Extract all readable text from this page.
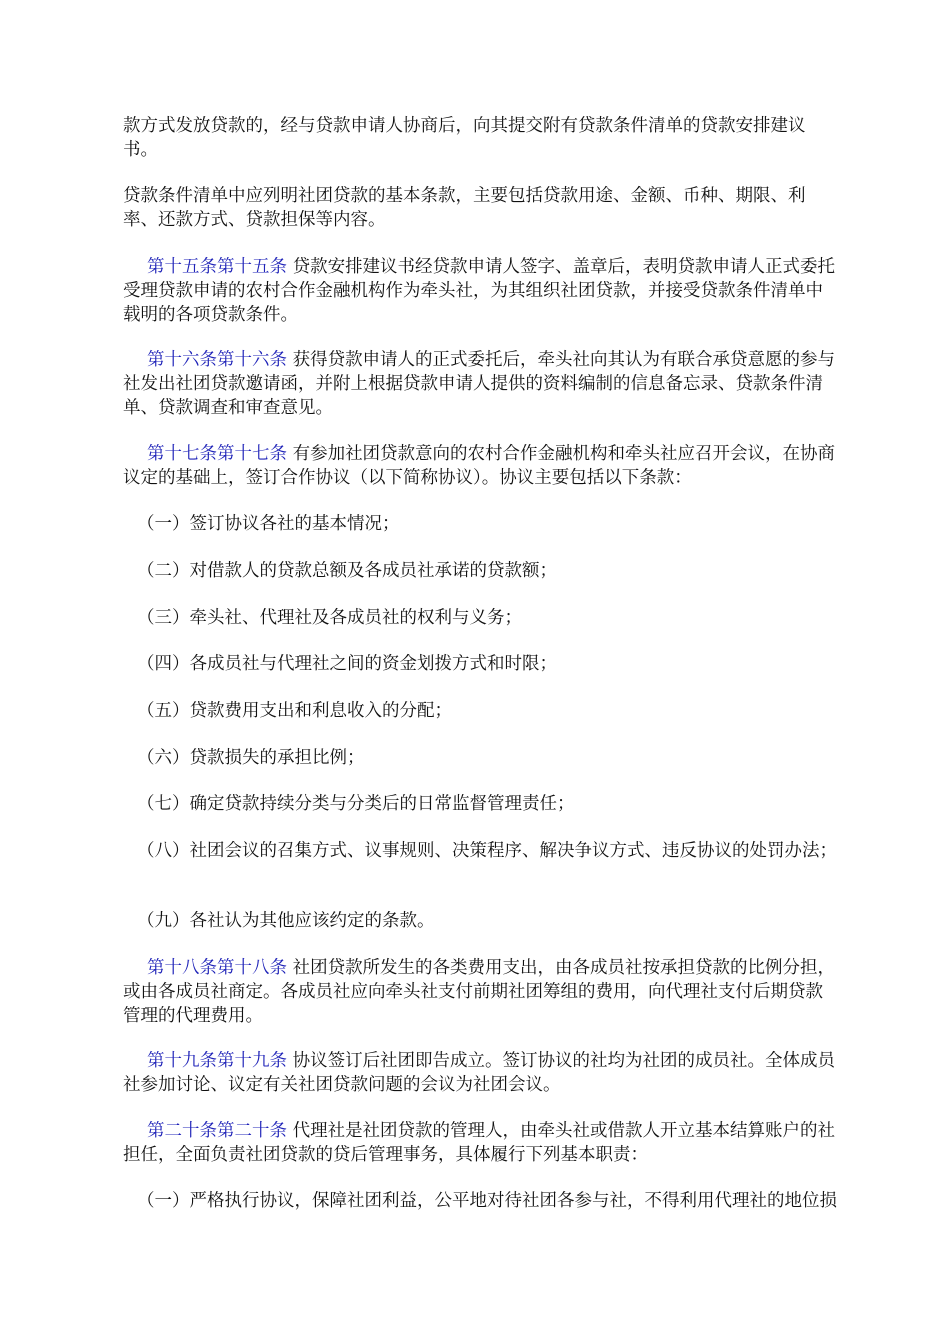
款方式发放贷款的，经与贷款申请人协商后，向其提交附有贷款条件清单的贷款安排建议书。

贷款条件清单中应列明社团贷款的基本条款，主要包括贷款用途、金额、币种、期限、利率、还款方式、贷款担保等内容。

第十五条第十五条 贷款安排建议书经贷款申请人签字、盖章后，表明贷款申请人正式委托受理贷款申请的农村合作金融机构作为牵头社，为其组织社团贷款，并接受贷款条件清单中载明的各项贷款条件。

第十六条第十六条 获得贷款申请人的正式委托后，牵头社向其认为有联合承贷意愿的参与社发出社团贷款邀请函，并附上根据贷款申请人提供的资料编制的信息备忘录、贷款条件清单、贷款调查和审查意见。

第十七条第十七条 有参加社团贷款意向的农村合作金融机构和牵头社应召开会议，在协商议定的基础上，签订合作协议（以下简称协议）。协议主要包括以下条款：

（一）签订协议各社的基本情况；

（二）对借款人的贷款总额及各成员社承诺的贷款额；

（三）牵头社、代理社及各成员社的权利与义务；

（四）各成员社与代理社之间的资金划拨方式和时限；

（五）贷款费用支出和利息收入的分配；

（六）贷款损失的承担比例；

（七）确定贷款持续分类与分类后的日常监督管理责任；

（八）社团会议的召集方式、议事规则、决策程序、解决争议方式、违反协议的处罚办法；

（九）各社认为其他应该约定的条款。

第十八条第十八条 社团贷款所发生的各类费用支出，由各成员社按承担贷款的比例分担，或由各成员社商定。各成员社应向牵头社支付前期社团筹组的费用，向代理社支付后期贷款管理的代理费用。

第十九条第十九条 协议签订后社团即告成立。签订协议的社均为社团的成员社。全体成员社参加讨论、议定有关社团贷款问题的会议为社团会议。

第二十条第二十条 代理社是社团贷款的管理人，由牵头社或借款人开立基本结算账户的社担任，全面负责社团贷款的贷后管理事务，具体履行下列基本职责：

（一）严格执行协议，保障社团利益，公平地对待社团各参与社，不得利用代理社的地位损
